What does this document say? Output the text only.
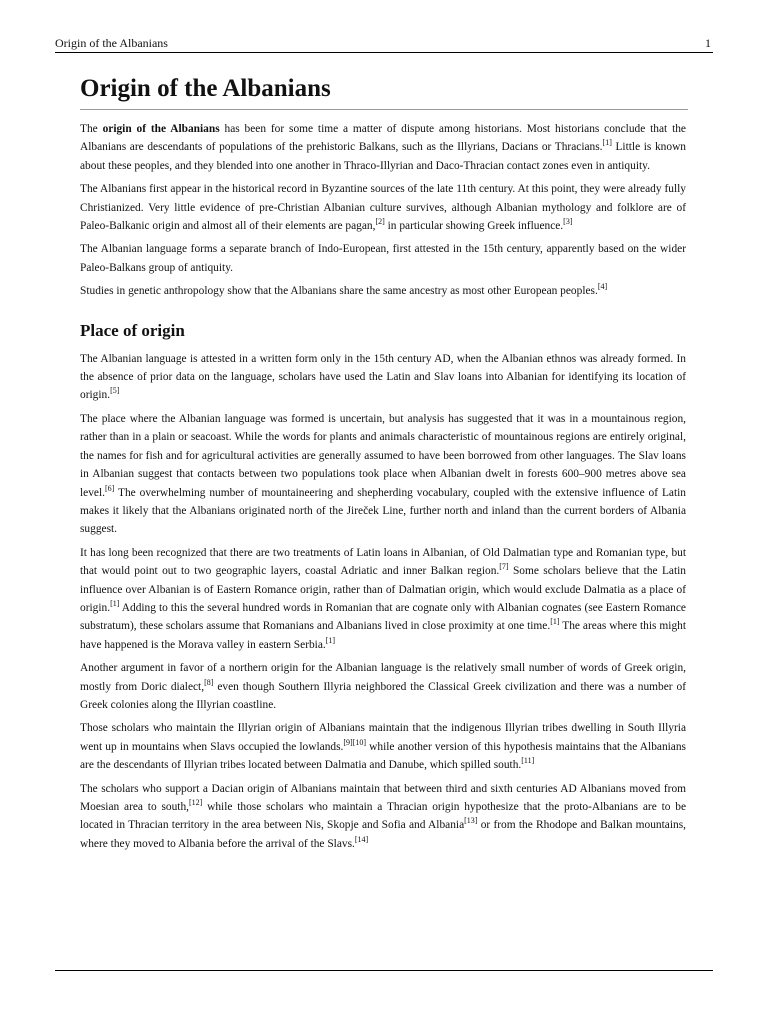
Origin of the Albanians	1
Origin of the Albanians

The origin of the Albanians has been for some time a matter of dispute among historians. Most historians conclude that the Albanians are descendants of populations of the prehistoric Balkans, such as the Illyrians, Dacians or Thracians.[1] Little is known about these peoples, and they blended into one another in Thraco-Illyrian and Daco-Thracian contact zones even in antiquity.

The Albanians first appear in the historical record in Byzantine sources of the late 11th century. At this point, they were already fully Christianized. Very little evidence of pre-Christian Albanian culture survives, although Albanian mythology and folklore are of Paleo-Balkanic origin and almost all of their elements are pagan,[2] in particular showing Greek influence.[3]

The Albanian language forms a separate branch of Indo-European, first attested in the 15th century, apparently based on the wider Paleo-Balkans group of antiquity.

Studies in genetic anthropology show that the Albanians share the same ancestry as most other European peoples.[4]

Place of origin

The Albanian language is attested in a written form only in the 15th century AD, when the Albanian ethnos was already formed. In the absence of prior data on the language, scholars have used the Latin and Slav loans into Albanian for identifying its location of origin.[5]

The place where the Albanian language was formed is uncertain, but analysis has suggested that it was in a mountainous region, rather than in a plain or seacoast. While the words for plants and animals characteristic of mountainous regions are entirely original, the names for fish and for agricultural activities are generally assumed to have been borrowed from other languages. The Slav loans in Albanian suggest that contacts between two populations took place when Albanian dwelt in forests 600–900 metres above sea level.[6] The overwhelming number of mountaineering and shepherding vocabulary, coupled with the extensive influence of Latin makes it likely that the Albanians originated north of the Jireček Line, further north and inland than the current borders of Albania suggest.

It has long been recognized that there are two treatments of Latin loans in Albanian, of Old Dalmatian type and Romanian type, but that would point out to two geographic layers, coastal Adriatic and inner Balkan region.[7] Some scholars believe that the Latin influence over Albanian is of Eastern Romance origin, rather than of Dalmatian origin, which would exclude Dalmatia as a place of origin.[1] Adding to this the several hundred words in Romanian that are cognate only with Albanian cognates (see Eastern Romance substratum), these scholars assume that Romanians and Albanians lived in close proximity at one time.[1] The areas where this might have happened is the Morava valley in eastern Serbia.[1]

Another argument in favor of a northern origin for the Albanian language is the relatively small number of words of Greek origin, mostly from Doric dialect,[8] even though Southern Illyria neighbored the Classical Greek civilization and there was a number of Greek colonies along the Illyrian coastline.

Those scholars who maintain the Illyrian origin of Albanians maintain that the indigenous Illyrian tribes dwelling in South Illyria went up in mountains when Slavs occupied the lowlands.[9][10] while another version of this hypothesis maintains that the Albanians are the descendants of Illyrian tribes located between Dalmatia and Danube, which spilled south.[11]

The scholars who support a Dacian origin of Albanians maintain that between third and sixth centuries AD Albanians moved from Moesian area to south,[12] while those scholars who maintain a Thracian origin hypothesize that the proto-Albanians are to be located in Thracian territory in the area between Nis, Skopje and Sofia and Albania[13] or from the Rhodope and Balkan mountains, where they moved to Albania before the arrival of the Slavs.[14]
